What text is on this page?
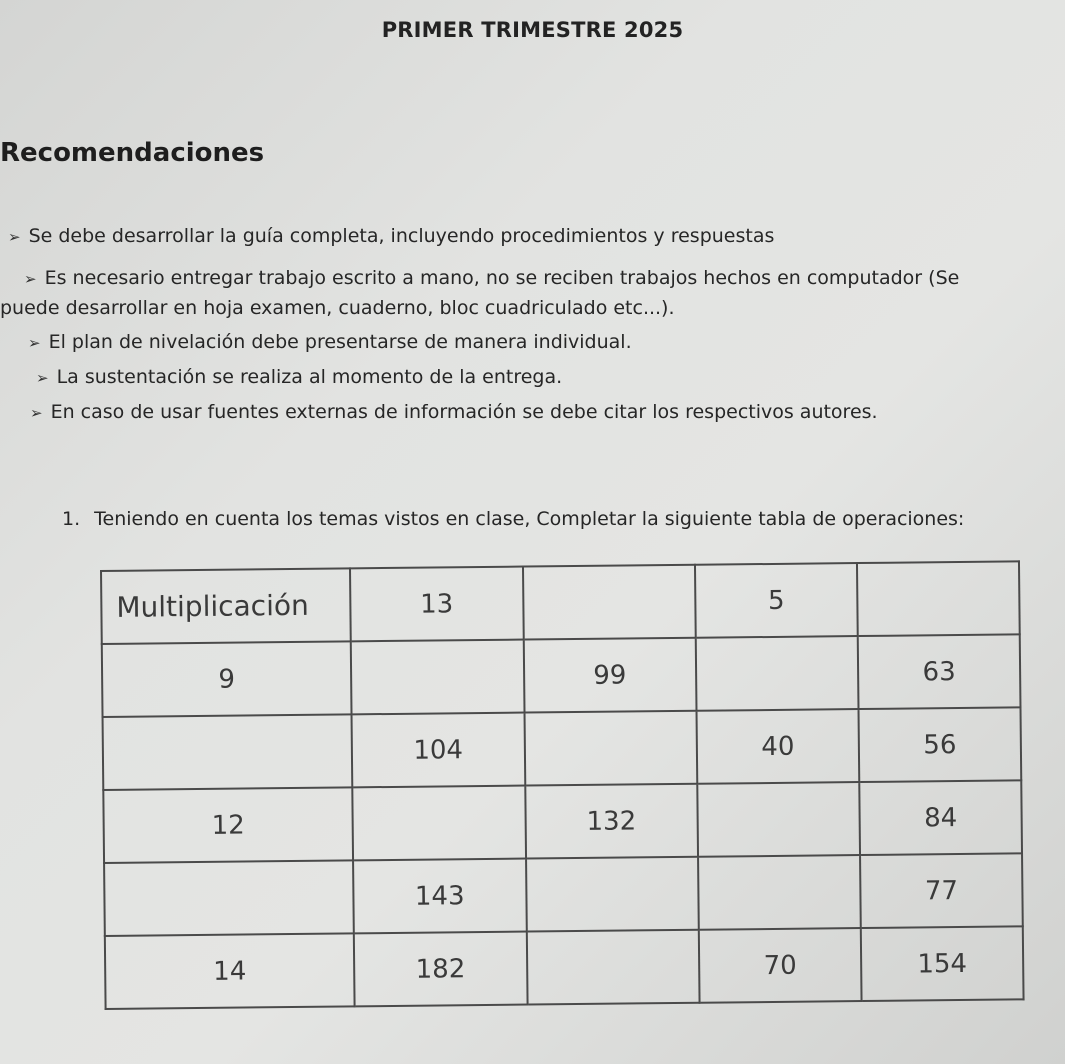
PRIMER TRIMESTRE 2025
Recomendaciones
➢ Se debe desarrollar la guía completa, incluyendo procedimientos y respuestas
➢ Es necesario entregar trabajo escrito a mano, no se reciben trabajos hechos en computador (Se
puede desarrollar en hoja examen, cuaderno, bloc cuadriculado etc...).
➢ El plan de nivelación debe presentarse de manera individual.
➢ La sustentación se realiza al momento de la entrega.
➢ En caso de usar fuentes externas de información se debe citar los respectivos autores.
1. Teniendo en cuenta los temas vistos en clase, Completar la siguiente tabla de operaciones:
Multiplicación	13		5	
9		99		63
	104		40	56
12		132		84
	143			77
14	182		70	154
